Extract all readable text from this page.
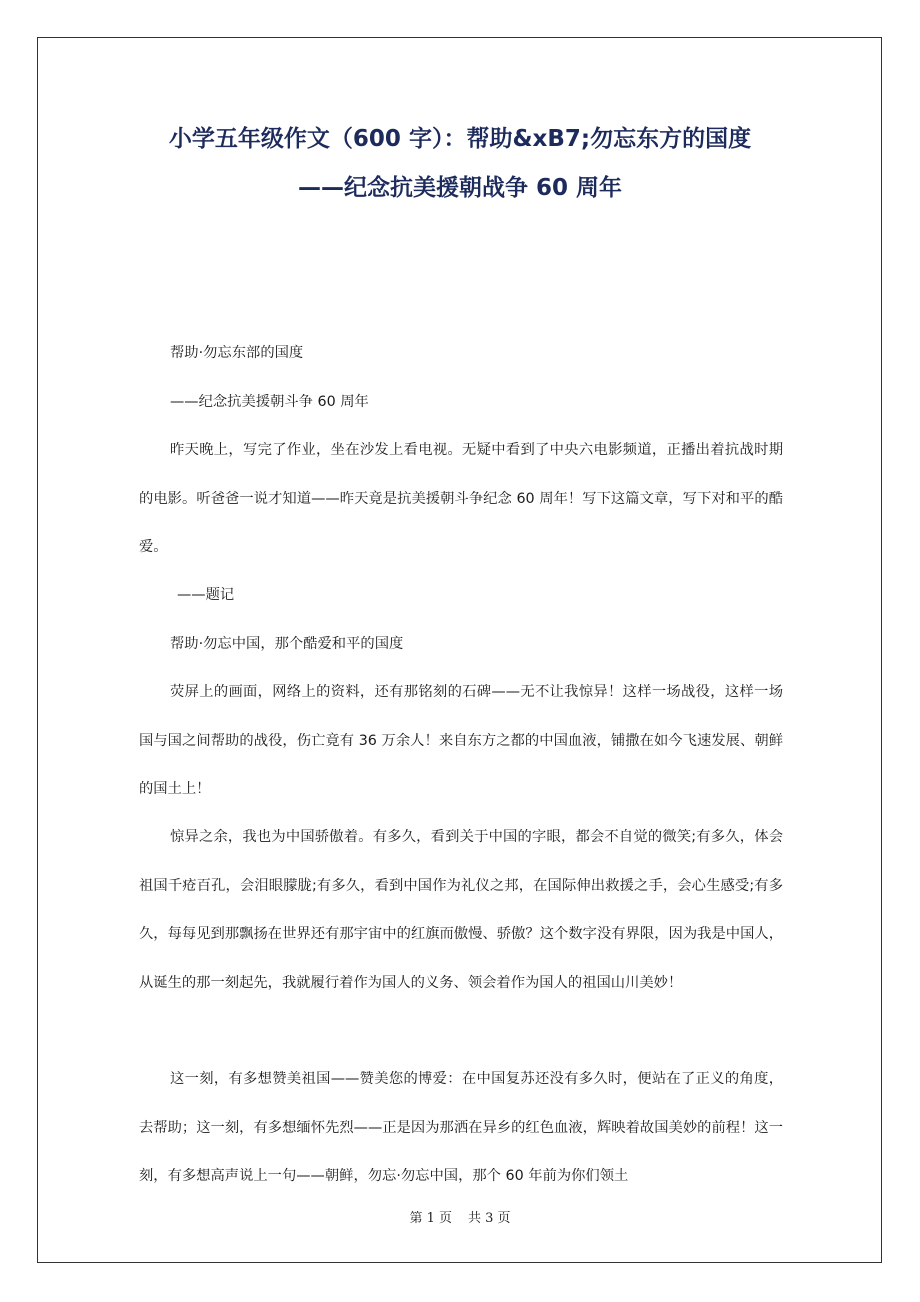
小学五年级作文（600 字）：帮助&xB7;勿忘东方的国度
——纪念抗美援朝战争 60 周年

帮助·勿忘东部的国度

——纪念抗美援朝斗争 60 周年

昨天晚上，写完了作业，坐在沙发上看电视。无疑中看到了中央六电影频道，正播出着抗战时期的电影。听爸爸一说才知道——昨天竟是抗美援朝斗争纪念 60 周年！写下这篇文章，写下对和平的酷爱。

——题记

帮助·勿忘中国，那个酷爱和平的国度

荧屏上的画面，网络上的资料，还有那铭刻的石碑——无不让我惊异！这样一场战役，这样一场国与国之间帮助的战役，伤亡竟有 36 万余人！来自东方之都的中国血液，铺撒在如今飞速发展、朝鲜的国土上！

惊异之余，我也为中国骄傲着。有多久，看到关于中国的字眼，都会不自觉的微笑;有多久，体会祖国千疮百孔，会泪眼朦胧;有多久，看到中国作为礼仪之邦，在国际伸出救援之手，会心生感受;有多久，每每见到那飘扬在世界还有那宇宙中的红旗而傲慢、骄傲？这个数字没有界限，因为我是中国人，从诞生的那一刻起先，我就履行着作为国人的义务、领会着作为国人的祖国山川美妙！

这一刻，有多想赞美祖国——赞美您的博爱：在中国复苏还没有多久时，便站在了正义的角度，去帮助；这一刻，有多想缅怀先烈——正是因为那洒在异乡的红色血液，辉映着故国美妙的前程！这一刻，有多想高声说上一句——朝鲜，勿忘·勿忘中国，那个 60 年前为你们领土

第 1 页 共 3 页
